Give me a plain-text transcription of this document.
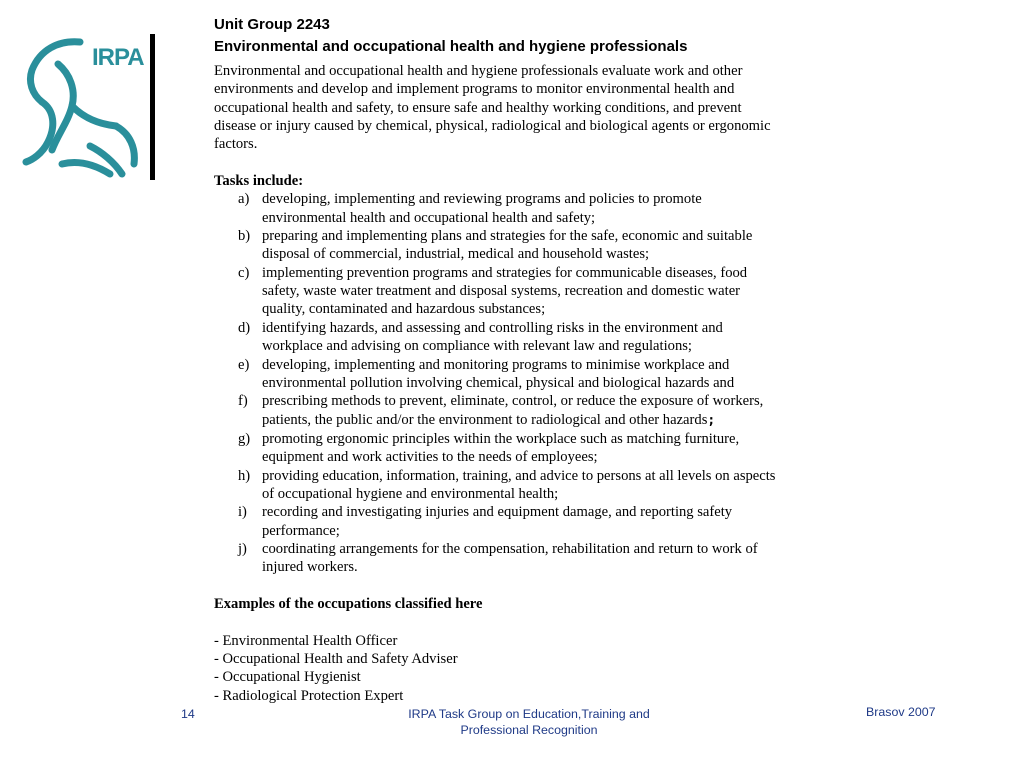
IRPA
Unit Group 2243
Environmental and occupational health and hygiene professionals

Environmental and occupational health and hygiene professionals evaluate work and other environments and develop and implement programs to monitor environmental health and occupational health and safety, to ensure safe and healthy working conditions, and prevent disease or injury caused by chemical, physical, radiological and biological agents or ergonomic factors.

Tasks include:

a) developing, implementing and reviewing programs and policies to promote environmental health and occupational health and safety;
b) preparing and implementing plans and strategies for the safe, economic and suitable disposal of commercial, industrial, medical and household wastes;
c) implementing prevention programs and strategies for communicable diseases, food safety, waste water treatment and disposal systems, recreation and domestic water quality, contaminated and hazardous substances;
d) identifying hazards, and assessing and controlling risks in the environment and workplace and advising on compliance with relevant law and regulations;
e) developing, implementing and monitoring programs to minimise workplace and environmental pollution involving chemical, physical and biological hazards and
f) prescribing methods to prevent, eliminate, control, or reduce the exposure of workers, patients, the public and/or the environment to radiological and other hazards;
g) promoting ergonomic principles within the workplace such as matching furniture, equipment and work activities to the needs of employees;
h) providing education, information, training, and advice to persons at all levels on aspects of occupational hygiene and environmental health;
i) recording and investigating injuries and equipment damage, and reporting safety performance;
j) coordinating arrangements for the compensation, rehabilitation and return to work of injured workers.

Examples of the occupations classified here

- Environmental Health Officer

- Occupational Health and Safety Adviser

- Occupational Hygienist

- Radiological Protection Expert

14	IRPA Task Group on Education,Training and
Professional Recognition
Brasov 2007
